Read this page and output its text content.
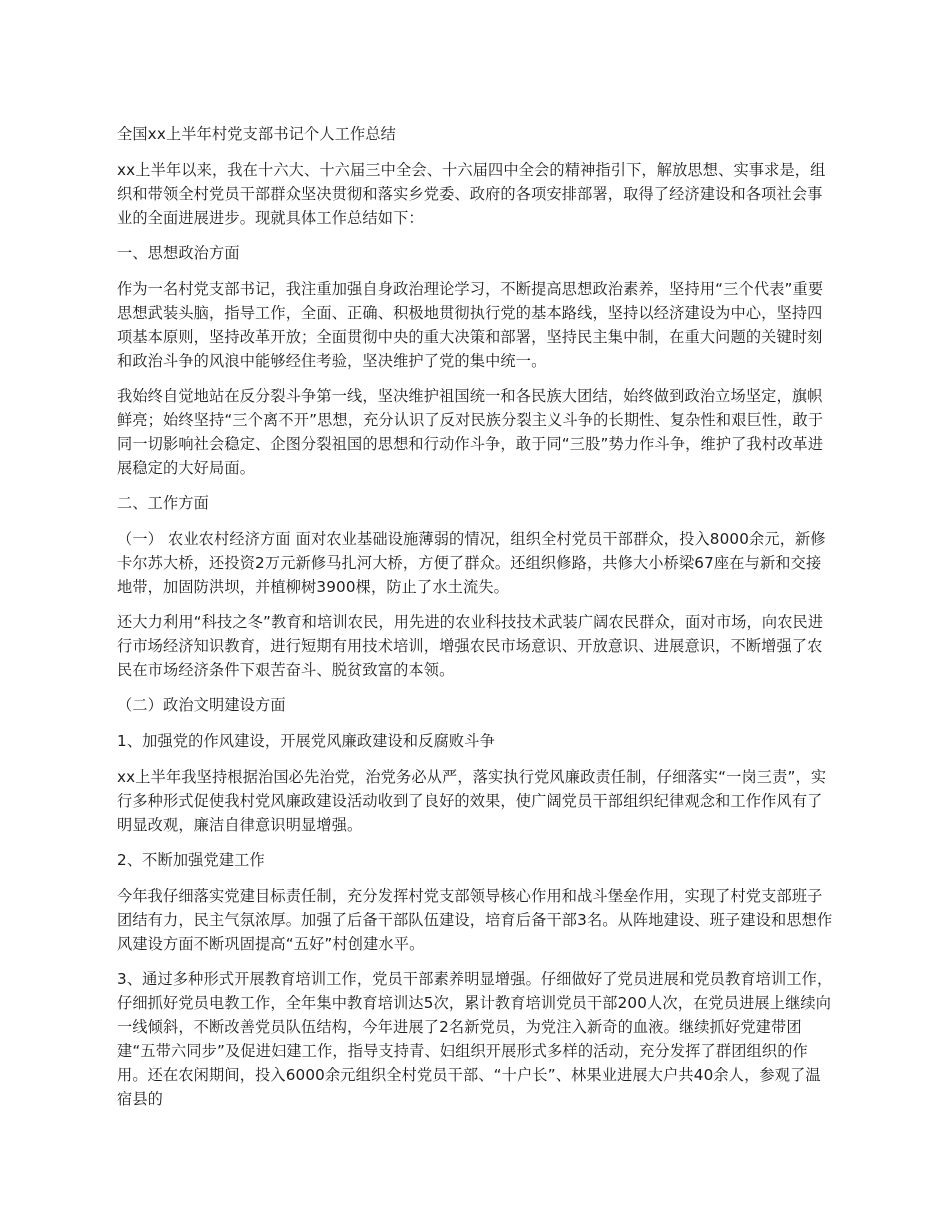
全国xx上半年村党支部书记个人工作总结

xx上半年以来，我在十六大、十六届三中全会、十六届四中全会的精神指引下，解放思想、实事求是，组织和带领全村党员干部群众坚决贯彻和落实乡党委、政府的各项安排部署，取得了经济建设和各项社会事业的全面进展进步。现就具体工作总结如下：

一、思想政治方面

作为一名村党支部书记，我注重加强自身政治理论学习，不断提高思想政治素养，坚持用“三个代表”重要思想武装头脑，指导工作，全面、正确、积极地贯彻执行党的基本路线，坚持以经济建设为中心，坚持四项基本原则，坚持改革开放；全面贯彻中央的重大决策和部署，坚持民主集中制，在重大问题的关键时刻和政治斗争的风浪中能够经住考验，坚决维护了党的集中统一。

我始终自觉地站在反分裂斗争第一线，坚决维护祖国统一和各民族大团结，始终做到政治立场坚定，旗帜鲜亮；始终坚持“三个离不开”思想，充分认识了反对民族分裂主义斗争的长期性、复杂性和艰巨性，敢于同一切影响社会稳定、企图分裂祖国的思想和行动作斗争，敢于同“三股”势力作斗争，维护了我村改革进展稳定的大好局面。

二、工作方面

（一） 农业农村经济方面 面对农业基础设施薄弱的情况，组织全村党员干部群众，投入8000余元，新修卡尔苏大桥，还投资2万元新修马扎河大桥，方便了群众。还组织修路，共修大小桥梁67座在与新和交接地带，加固防洪坝，并植柳树3900棵，防止了水土流失。

还大力利用“科技之冬”教育和培训农民，用先进的农业科技技术武装广阔农民群众，面对市场，向农民进行市场经济知识教育，进行短期有用技术培训，增强农民市场意识、开放意识、进展意识，不断增强了农民在市场经济条件下艰苦奋斗、脱贫致富的本领。

（二）政治文明建设方面

1、加强党的作风建设，开展党风廉政建设和反腐败斗争

xx上半年我坚持根据治国必先治党，治党务必从严，落实执行党风廉政责任制，仔细落实“一岗三责”，实行多种形式促使我村党风廉政建设活动收到了良好的效果，使广阔党员干部组织纪律观念和工作作风有了明显改观，廉洁自律意识明显增强。

2、不断加强党建工作

今年我仔细落实党建目标责任制，充分发挥村党支部领导核心作用和战斗堡垒作用，实现了村党支部班子团结有力，民主气氛浓厚。加强了后备干部队伍建设，培育后备干部3名。从阵地建设、班子建设和思想作风建设方面不断巩固提高“五好”村创建水平。

3、通过多种形式开展教育培训工作，党员干部素养明显增强。仔细做好了党员进展和党员教育培训工作，仔细抓好党员电教工作，全年集中教育培训达5次，累计教育培训党员干部200人次，在党员进展上继续向一线倾斜，不断改善党员队伍结构，今年进展了2名新党员，为党注入新奇的血液。继续抓好党建带团建“五带六同步”及促进妇建工作，指导支持青、妇组织开展形式多样的活动，充分发挥了群团组织的作用。还在农闲期间，投入6000余元组织全村党员干部、“十户长”、林果业进展大户共40余人，参观了温宿县的
